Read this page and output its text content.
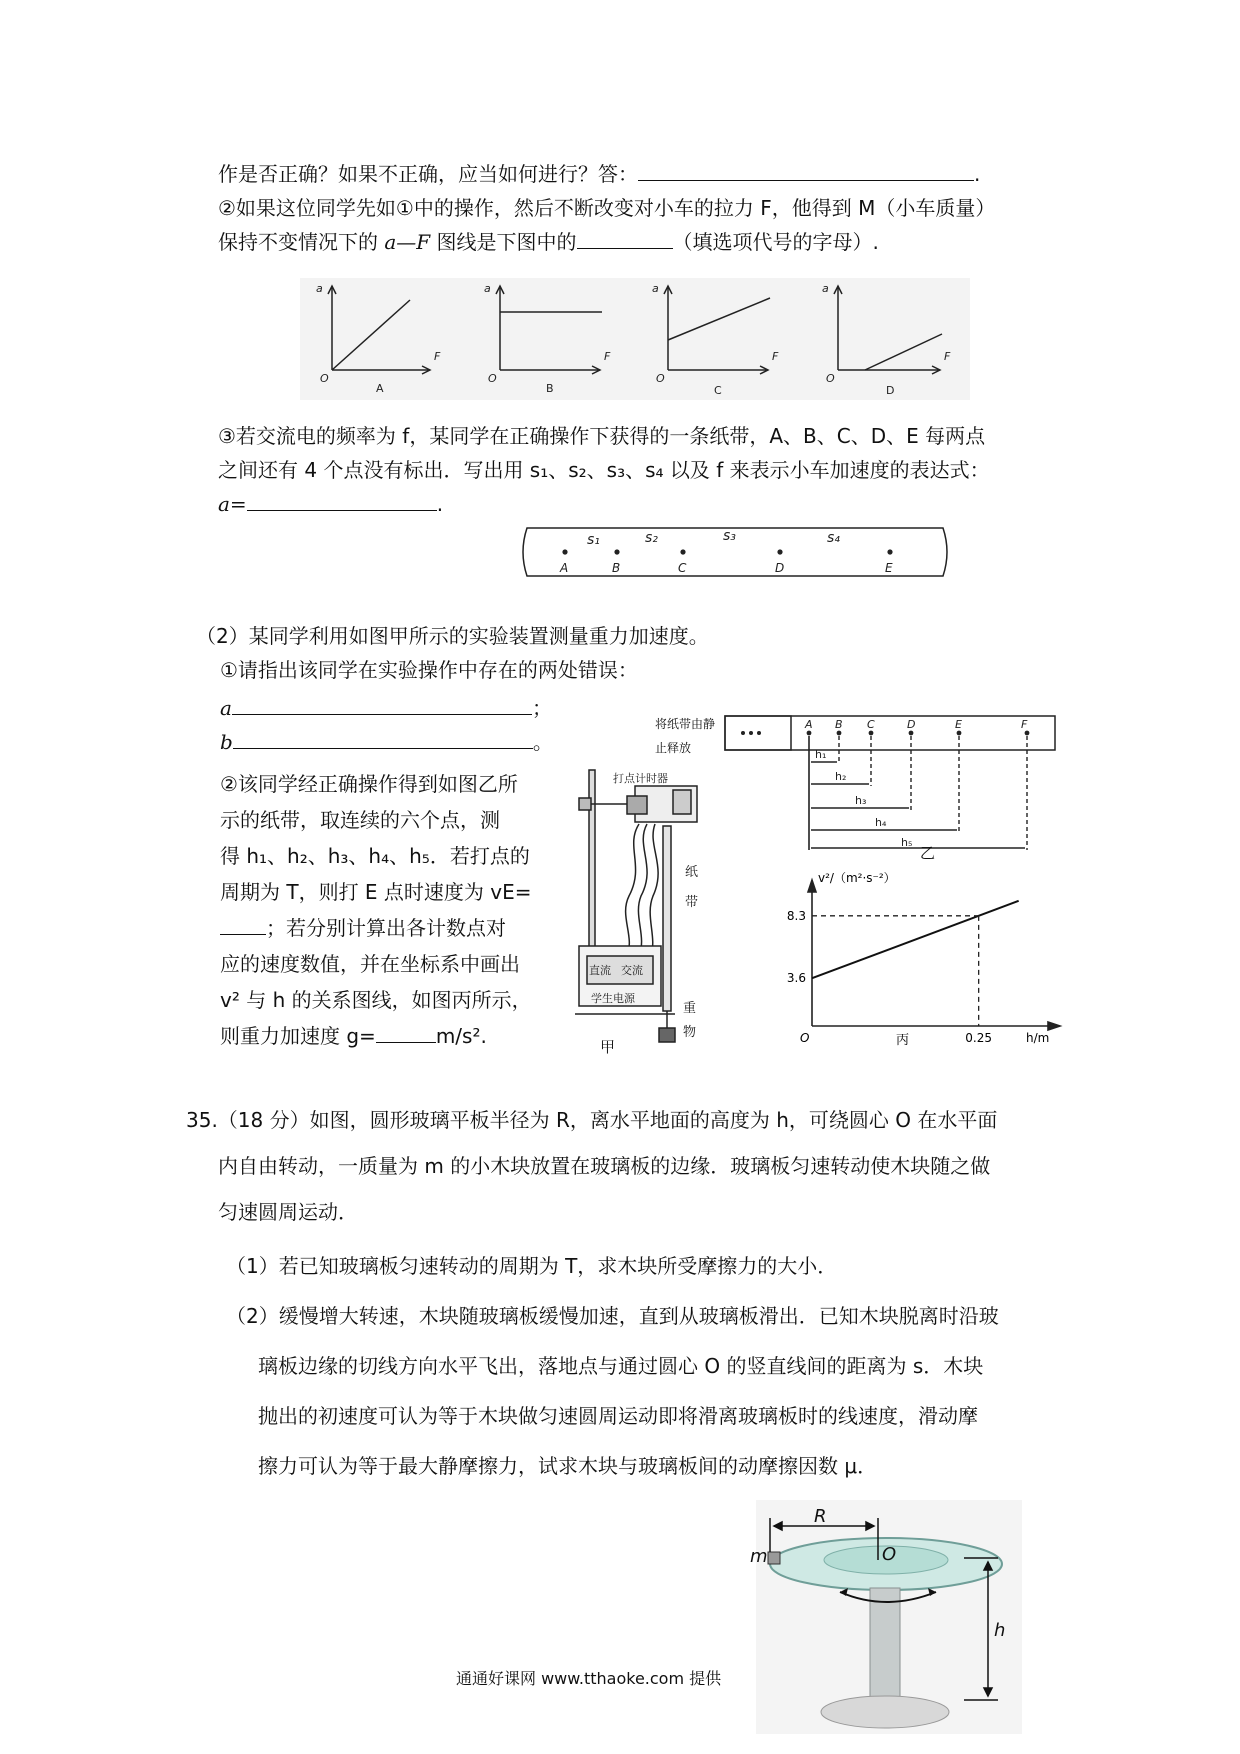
作是否正确？如果不正确，应当如何进行？答：	.
②如果这位同学先如①中的操作，然后不断改变对小车的拉力 F，他得到 M（小车质量）
保持不变情况下的 a—F 图线是下图中的	（填选项代号的字母）.
a	a	a	a
F	F	F	F
O	O	O	O
A	B	C	D
③若交流电的频率为 f，某同学在正确操作下获得的一条纸带，A、B、C、D、E 每两点
之间还有 4 个点没有标出．写出用 s₁、s₂、s₃、s₄ 以及 f 来表示小车加速度的表达式：
a=	.
s₁	s₂	s₃	s₄
A	B	C	D	E
（2）某同学利用如图甲所示的实验装置测量重力加速度。
①请指出该同学在实验操作中存在的两处错误：
a	；
b	。
②该同学经正确操作得到如图乙所
示的纸带，取连续的六个点，测
得 h₁、h₂、h₃、h₄、h₅．若打点的
周期为 T，则打 E 点时速度为 vE=
；若分别计算出各计数点对
应的速度数值，并在坐标系中画出
v² 与 h 的关系图线，如图丙所示，
则重力加速度 g=	m/s².
打点计时器
直流 交流
学生电源
纸
带
重
物
甲
A B C	D	E	F
h₁
h₂
h₃
h₄
h₅
将纸带由静止释放
乙
3.6
8.3
0.25
O
v²/（m²·s⁻²）
h/m
丙
35.（18 分）如图，圆形玻璃平板半径为 R，离水平地面的高度为 h，可绕圆心 O 在水平面
内自由转动，一质量为 m 的小木块放置在玻璃板的边缘．玻璃板匀速转动使木块随之做
匀速圆周运动．
（1）若已知玻璃板匀速转动的周期为 T，求木块所受摩擦力的大小．
（2）缓慢增大转速，木块随玻璃板缓慢加速，直到从玻璃板滑出．已知木块脱离时沿玻
璃板边缘的切线方向水平飞出，落地点与通过圆心 O 的竖直线间的距离为 s．木块
抛出的初速度可认为等于木块做匀速圆周运动即将滑离玻璃板时的线速度，滑动摩
擦力可认为等于最大静摩擦力，试求木块与玻璃板间的动摩擦因数 μ．
R
O
m
h
通通好课网 www.tthaoke.com 提供
